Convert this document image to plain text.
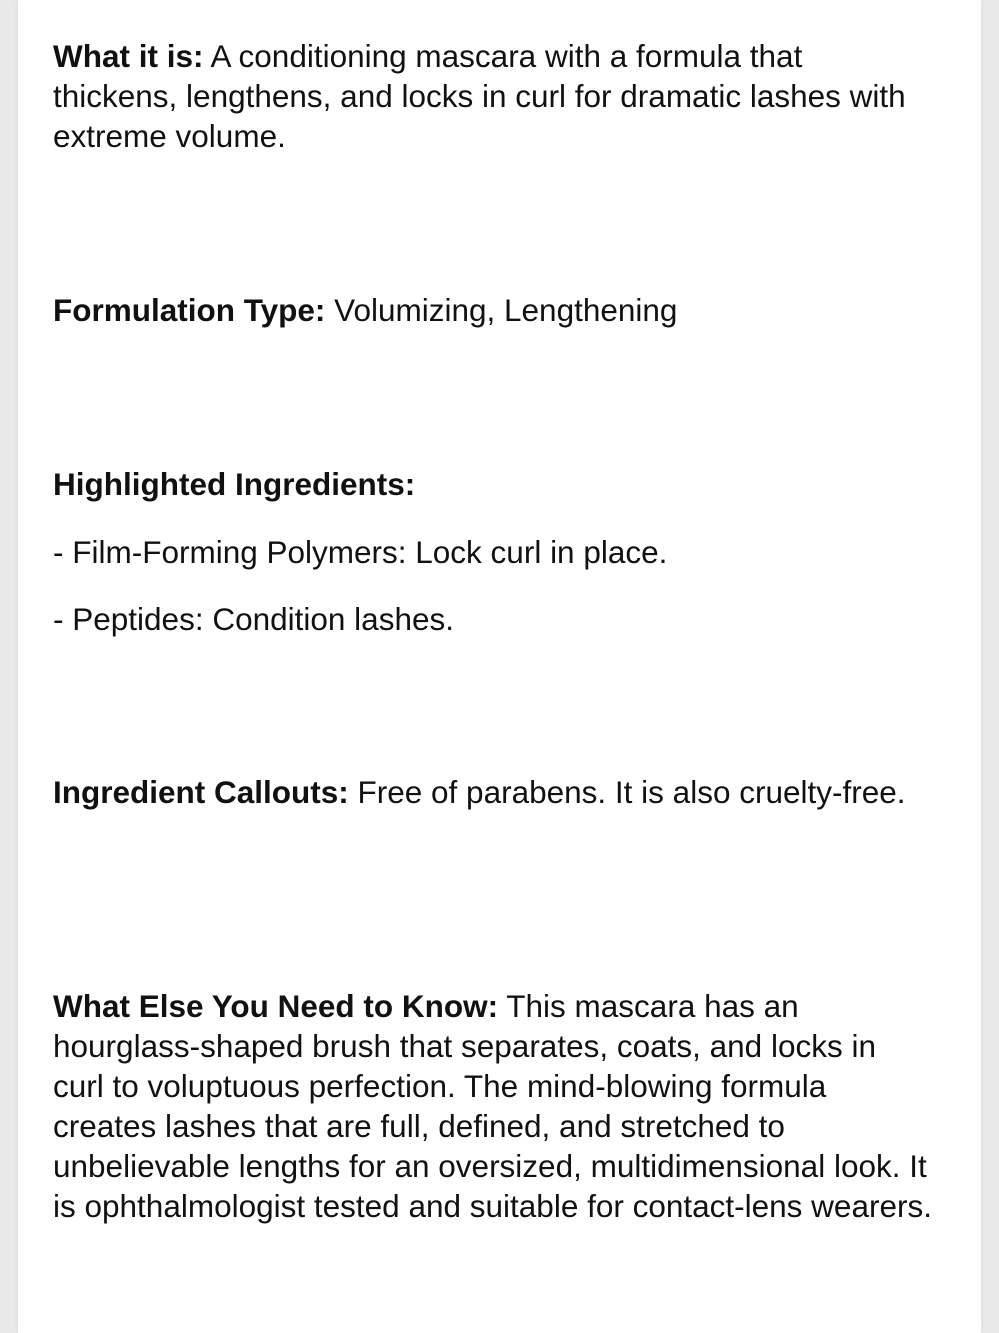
What it is: A conditioning mascara with a formula that thickens, lengthens, and locks in curl for dramatic lashes with extreme volume.
Formulation Type: Volumizing, Lengthening
Highlighted Ingredients:
- Film-Forming Polymers: Lock curl in place.
- Peptides: Condition lashes.
Ingredient Callouts: Free of parabens. It is also cruelty-free.
What Else You Need to Know: This mascara has an hourglass-shaped brush that separates, coats, and locks in curl to voluptuous perfection. The mind-blowing formula creates lashes that are full, defined, and stretched to unbelievable lengths for an oversized, multidimensional look. It is ophthalmologist tested and suitable for contact-lens wearers.
